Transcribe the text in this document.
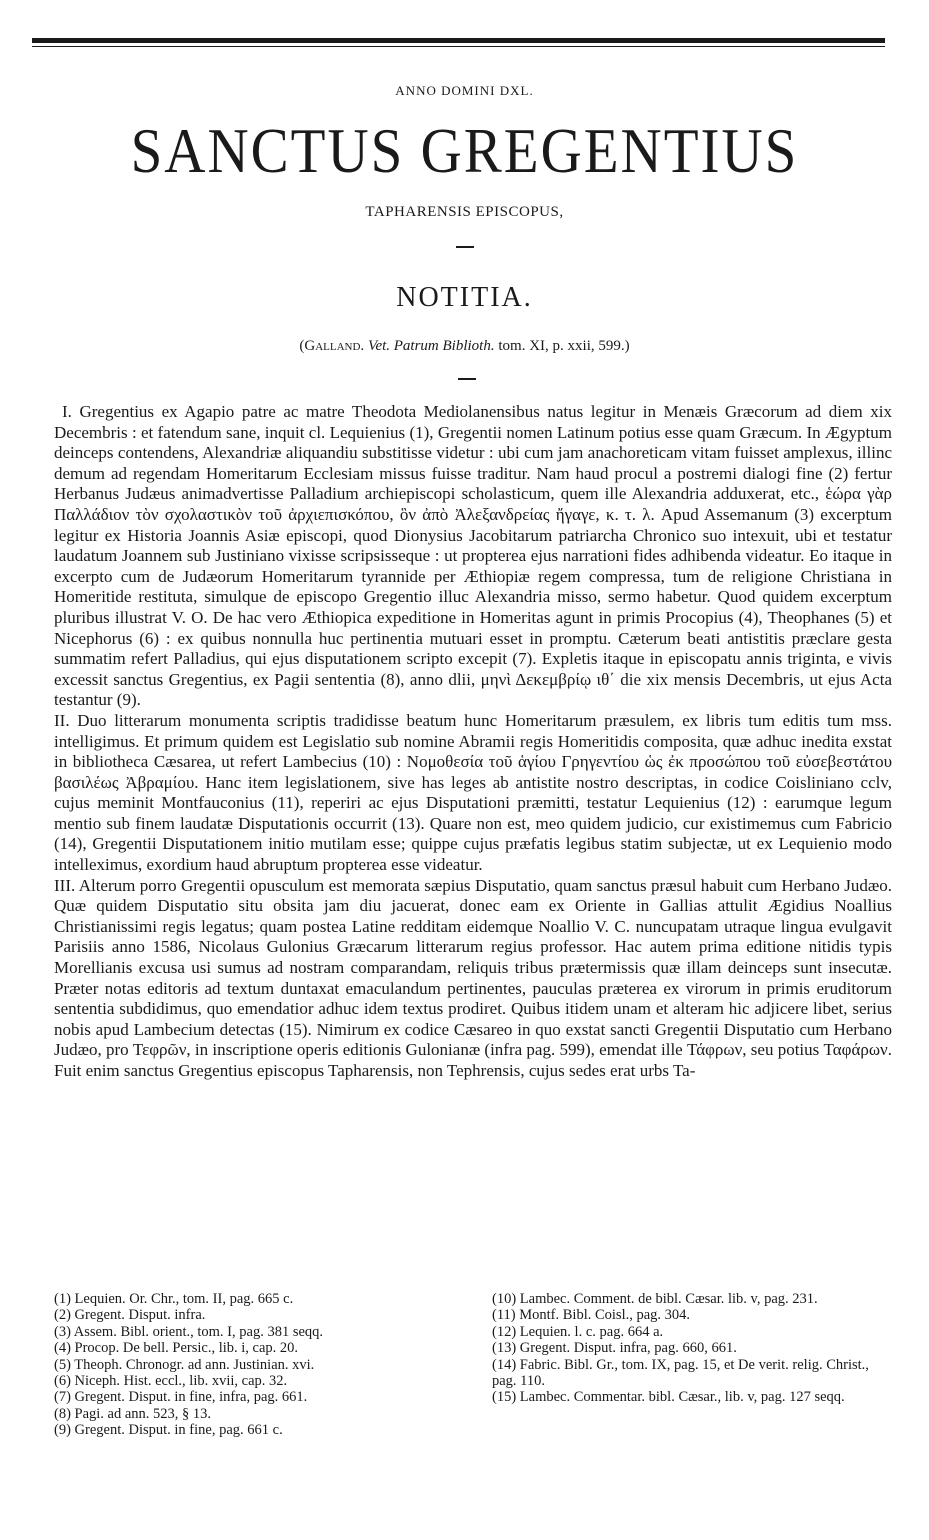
ANNO DOMINI DXL.
SANCTUS GREGENTIUS
TAPHARENSIS EPISCOPUS,
NOTITIA.
(Galland. Vet. Patrum Biblioth. tom. XI, p. xxii, 599.)

I. Gregentius ex Agapio patre ac matre Theodota Mediolanensibus natus legitur in Menæis Græcorum ad diem xix Decembris : et fatendum sane, inquit cl. Lequienius (1), Gregentii nomen Latinum potius esse quam Græcum. In Ægyptum deinceps contendens, Alexandriæ aliquandiu substitisse videtur : ubi cum jam anachoreticam vitam fuisset amplexus, illinc demum ad regendam Homeritarum Ecclesiam missus fuisse traditur. Nam haud procul a postremi dialogi fine (2) fertur Herbanus Judæus animadvertisse Palladium archiepiscopi scholasticum, quem ille Alexandria adduxerat, etc., ἑώρα γὰρ Παλλάδιον τὸν σχολαστικὸν τοῦ ἀρχιεπισκόπου, ὃν ἀπὸ Ἀλεξανδρείας ἤγαγε, κ. τ. λ. Apud Assemanum (3) excerptum legitur ex Historia Joannis Asiæ episcopi, quod Dionysius Jacobitarum patriarcha Chronico suo intexuit, ubi et testatur laudatum Joannem sub Justiniano vixisse scripsisseque : ut propterea ejus narrationi fides adhibenda videatur. Eo itaque in excerpto cum de Judæorum Homeritarum tyrannide per Æthiopiæ regem compressa, tum de religione Christiana in Homeritide restituta, simulque de episcopo Gregentio illuc Alexandria misso, sermo habetur. Quod quidem excerptum pluribus illustrat V. O. De hac vero Æthiopica expeditione in Homeritas agunt in primis Procopius (4), Theophanes (5) et Nicephorus (6) : ex quibus nonnulla huc pertinentia mutuari esset in promptu. Cæterum beati antistitis præclare gesta summatim refert Palladius, qui ejus disputationem scripto excepit (7). Expletis itaque in episcopatu annis triginta, e vivis excessit sanctus Gregentius, ex Pagii sententia (8), anno dlii, μηνὶ Δεκεμβρίῳ ιθ΄ die xix mensis Decembris, ut ejus Acta testantur (9).

II. Duo litterarum monumenta scriptis tradidisse beatum hunc Homeritarum præsulem, ex libris tum editis tum mss. intelligimus. Et primum quidem est Legislatio sub nomine Abramii regis Homeritidis composita, quæ adhuc inedita exstat in bibliotheca Cæsarea, ut refert Lambecius (10) : Νομοθεσία τοῦ ἁγίου Γρηγεντίου ὡς ἐκ προσώπου τοῦ εὐσεβεστάτου βασιλέως Ἀβραμίου. Hanc item legislationem, sive has leges ab antistite nostro descriptas, in codice Coisliniano cclv, cujus meminit Montfauconius (11), reperiri ac ejus Disputationi præmitti, testatur Lequienius (12) : earumque legum mentio sub finem laudatæ Disputationis occurrit (13). Quare non est, meo quidem judicio, cur existimemus cum Fabricio (14), Gregentii Disputationem initio mutilam esse; quippe cujus præfatis legibus statim subjectæ, ut ex Lequienio modo intelleximus, exordium haud abruptum propterea esse videatur.

III. Alterum porro Gregentii opusculum est memorata sæpius Disputatio, quam sanctus præsul habuit cum Herbano Judæo. Quæ quidem Disputatio situ obsita jam diu jacuerat, donec eam ex Oriente in Gallias attulit Ægidius Noallius Christianissimi regis legatus; quam postea Latine redditam eidemque Noallio V. C. nuncupatam utraque lingua evulgavit Parisiis anno 1586, Nicolaus Gulonius Græcarum litterarum regius professor. Hac autem prima editione nitidis typis Morellianis excusa usi sumus ad nostram comparandam, reliquis tribus prætermissis quæ illam deinceps sunt insecutæ. Præter notas editoris ad textum duntaxat emaculandum pertinentes, pauculas præterea ex virorum in primis eruditorum sententia subdidimus, quo emendatior adhuc idem textus prodiret. Quibus itidem unam et alteram hic adjicere libet, serius nobis apud Lambecium detectas (15). Nimirum ex codice Cæsareo in quo exstat sancti Gregentii Disputatio cum Herbano Judæo, pro Τεφρῶν, in inscriptione operis editionis Gulonianæ (infra pag. 599), emendat ille Τάφρων, seu potius Ταφάρων. Fuit enim sanctus Gregentius episcopus Tapharensis, non Tephrensis, cujus sedes erat urbs Ta-

(1) Lequien. Or. Chr., tom. II, pag. 665 c.
(2) Gregent. Disput. infra.
(3) Assem. Bibl. orient., tom. I, pag. 381 seqq.
(4) Procop. De bell. Persic., lib. i, cap. 20.
(5) Theoph. Chronogr. ad ann. Justinian. xvi.
(6) Niceph. Hist. eccl., lib. xvii, cap. 32.
(7) Gregent. Disput. in fine, infra, pag. 661.
(8) Pagi. ad ann. 523, § 13.
(9) Gregent. Disput. in fine, pag. 661 c.
(10) Lambec. Comment. de bibl. Cæsar. lib. v, pag. 231.
(11) Montf. Bibl. Coisl., pag. 304.
(12) Lequien. l. c. pag. 664 a.
(13) Gregent. Disput. infra, pag. 660, 661.
(14) Fabric. Bibl. Gr., tom. IX, pag. 15, et De verit. relig. Christ., pag. 110.
(15) Lambec. Commentar. bibl. Cæsar., lib. v, pag. 127 seqq.
